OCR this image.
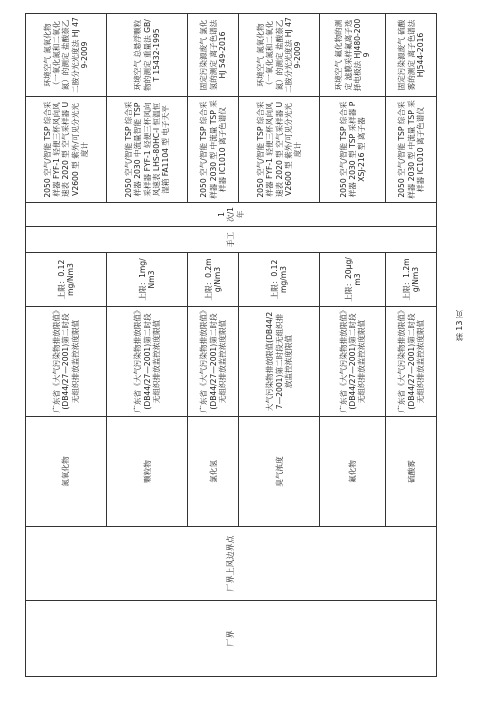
厂界	厂界上风边界点	氮氧化物	广东省《大气污染物排放限值》(DB44/27—2001)第二时段无组织排放监控浓度限值	上限：0.12mg/Nm3	手工	1 次/1年	2050 空气/智能 TSP 综合采样器 FYF-1 轻便三杯风向风速表 2020 型 空气采样器 UV2600 型 紫外/可见分光光度计	环境空气 氮氧化物（一氧化氮和二氧化氮）的测定 盐酸萘乙二胺分光光度法 HJ 479-2009
		颗粒物	广东省《大气污染物排放限值》(DB44/27—2001)第二时段无组织排放监控浓度限值	上限：1mg/Nm3			2050 空气/智能 TSP 综合采样器 2030 中流量智能 TSP 采样器 FYF-1 轻便三杯风向风速表 LHS-80HC-I 恒温恒湿箱 FA1104 型 电子天平	环境空气 总悬浮颗粒物的测定 重量法 GB/T 15432-1995
		氯化氢	广东省《大气污染物排放限值》(DB44/27—2001)第二时段无组织排放监控浓度限值	上限：0.2mg/Nm3			2050 空气/智能 TSP 综合采样器 2030 型 中流量 TSP 采样器 IC1010 离子色谱仪	固定污染源废气 氯化氢的测定 离子色谱法 HJ 549-2016
		臭气浓度	大气污染物排放限值(DB44/27—2001)第二时段无组织排放监控浓度限值	上限：0.12mg/m3			2050 空气/智能 TSP 综合采样器 FYF-1 轻便三杯风向风速表 2020 型 空气采样器 UV2600 型 紫外/可见分光光度计	环境空气 氮氧化物（一氧化氮和二氧化氮）的测定 盐酸萘乙二胺分光光度法 HJ 479-2009
		氟化物	广东省《大气污染物排放限值》(DB44/27—2001)第二时段无组织排放监控浓度限值	上限：20μg/m3			2050 空气/智能 TSP 综合采样器 2030 型 TSP 采样器 PXSJ-216 型 离子器	环境空气 氟化物的测定 滤膜采样氟离子选择电极法 HJ480-2009
		硫酸雾	广东省《大气污染物排放限值》(DB44/27—2001)第二时段无组织排放监控浓度限值	上限：1.2mg/Nm3			2050 空气/智能 TSP 综合采样器 2030 型 中流量 TSP 采样器 IC1010 离子色谱仪	固定污染源废气 硫酸雾的测定 离子色谱法 HJ544-2016
第 13 页
